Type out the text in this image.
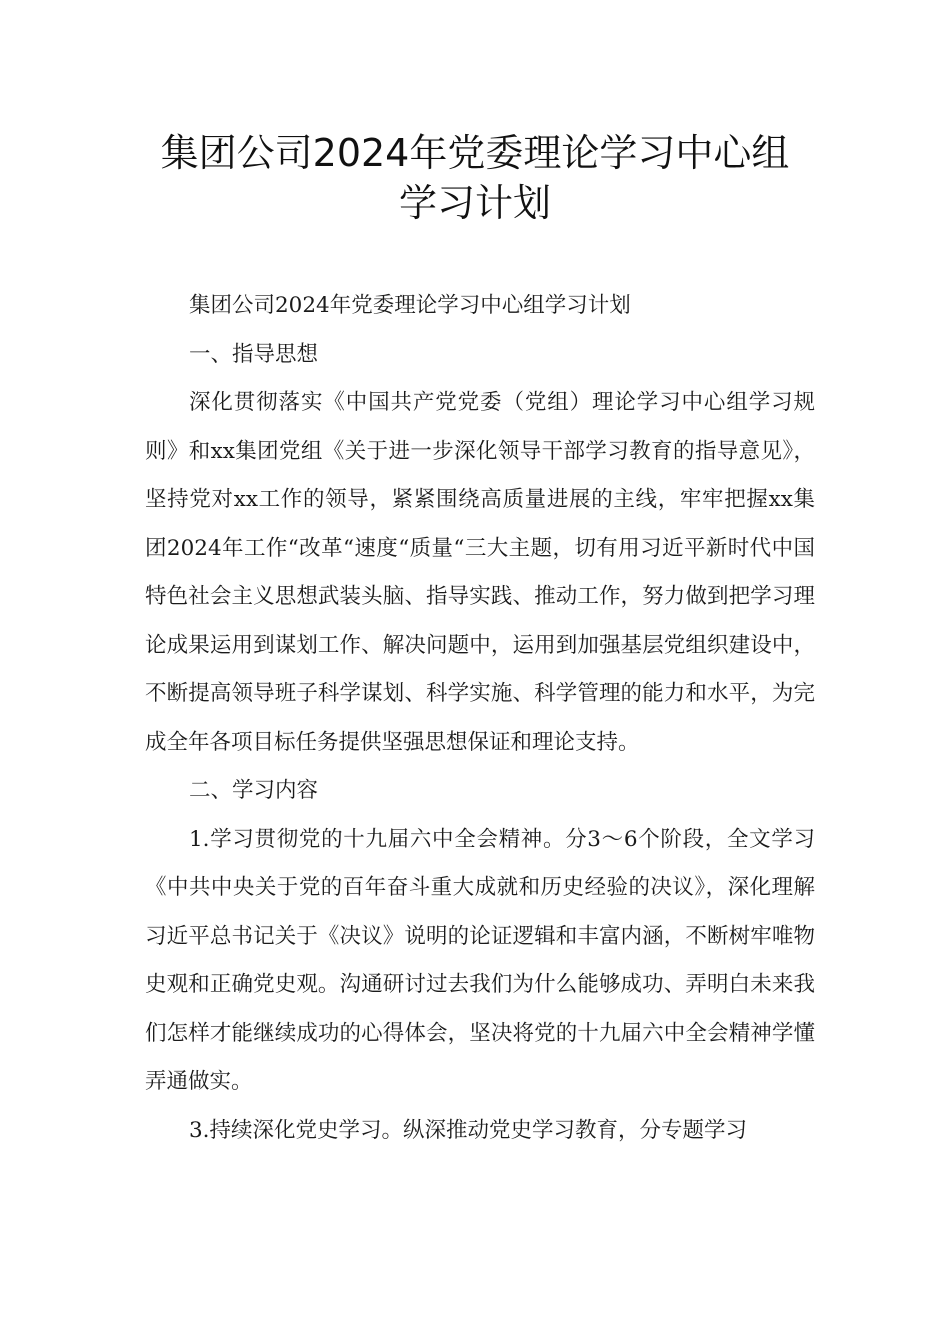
集团公司2024年党委理论学习中心组
学习计划

集团公司2024年党委理论学习中心组学习计划

一、指导思想

深化贯彻落实《中国共产党党委（党组）理论学习中心组学习规则》和xx集团党组《关于进一步深化领导干部学习教育的指导意见》，坚持党对xx工作的领导，紧紧围绕高质量进展的主线，牢牢把握xx集团2024年工作“改革“速度“质量“三大主题，切有用习近平新时代中国特色社会主义思想武装头脑、指导实践、推动工作，努力做到把学习理论成果运用到谋划工作、解决问题中，运用到加强基层党组织建设中，不断提高领导班子科学谋划、科学实施、科学管理的能力和水平，为完成全年各项目标任务提供坚强思想保证和理论支持。

二、学习内容

1.学习贯彻党的十九届六中全会精神。分3～6个阶段，全文学习《中共中央关于党的百年奋斗重大成就和历史经验的决议》，深化理解习近平总书记关于《决议》说明的论证逻辑和丰富内涵，不断树牢唯物史观和正确党史观。沟通研讨过去我们为什么能够成功、弄明白未来我们怎样才能继续成功的心得体会，坚决将党的十九届六中全会精神学懂弄通做实。

3.持续深化党史学习。纵深推动党史学习教育，分专题学习
